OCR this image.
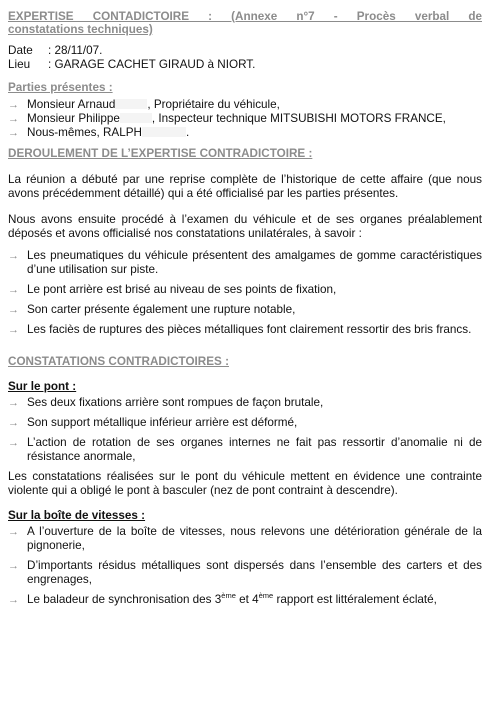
EXPERTISE CONTADICTOIRE : (Annexe n°7 - Procès verbal de
constatations techniques)
Date : 28/11/07.
Lieu : GARAGE CACHET GIRAUD à NIORT.
Parties présentes :
→ Monsieur Arnaud	, Propriétaire du véhicule,
→ Monsieur Philippe	, Inspecteur technique MITSUBISHI MOTORS FRANCE,
→ Nous-mêmes, RALPH	.
DEROULEMENT DE L’EXPERTISE CONTRADICTOIRE :

La réunion a débuté par une reprise complète de l’historique de cette affaire (que nous avons précédemment détaillé) qui a été officialisé par les parties présentes.

Nous avons ensuite procédé à l’examen du véhicule et de ses organes préalablement déposés et avons officialisé nos constatations unilatérales, à savoir :

→ Les pneumatiques du véhicule présentent des amalgames de gomme caractéristiques d’une utilisation sur piste.
→ Le pont arrière est brisé au niveau de ses points de fixation,
→ Son carter présente également une rupture notable,
→ Les faciès de ruptures des pièces métalliques font clairement ressortir des bris francs.
CONSTATATIONS CONTRADICTOIRES :
Sur le pont :
→ Ses deux fixations arrière sont rompues de façon brutale,
→ Son support métallique inférieur arrière est déformé,
→ L’action de rotation de ses organes internes ne fait pas ressortir d’anomalie ni de résistance anormale,

Les constatations réalisées sur le pont du véhicule mettent en évidence une contrainte violente qui a obligé le pont à basculer (nez de pont contraint à descendre).

Sur la boîte de vitesses :
→ A l’ouverture de la boîte de vitesses, nous relevons une détérioration générale de la pignonerie,
→ D’importants résidus métalliques sont dispersés dans l’ensemble des carters et des engrenages,
→ Le baladeur de synchronisation des 3ème et 4ème rapport est littéralement éclaté,
